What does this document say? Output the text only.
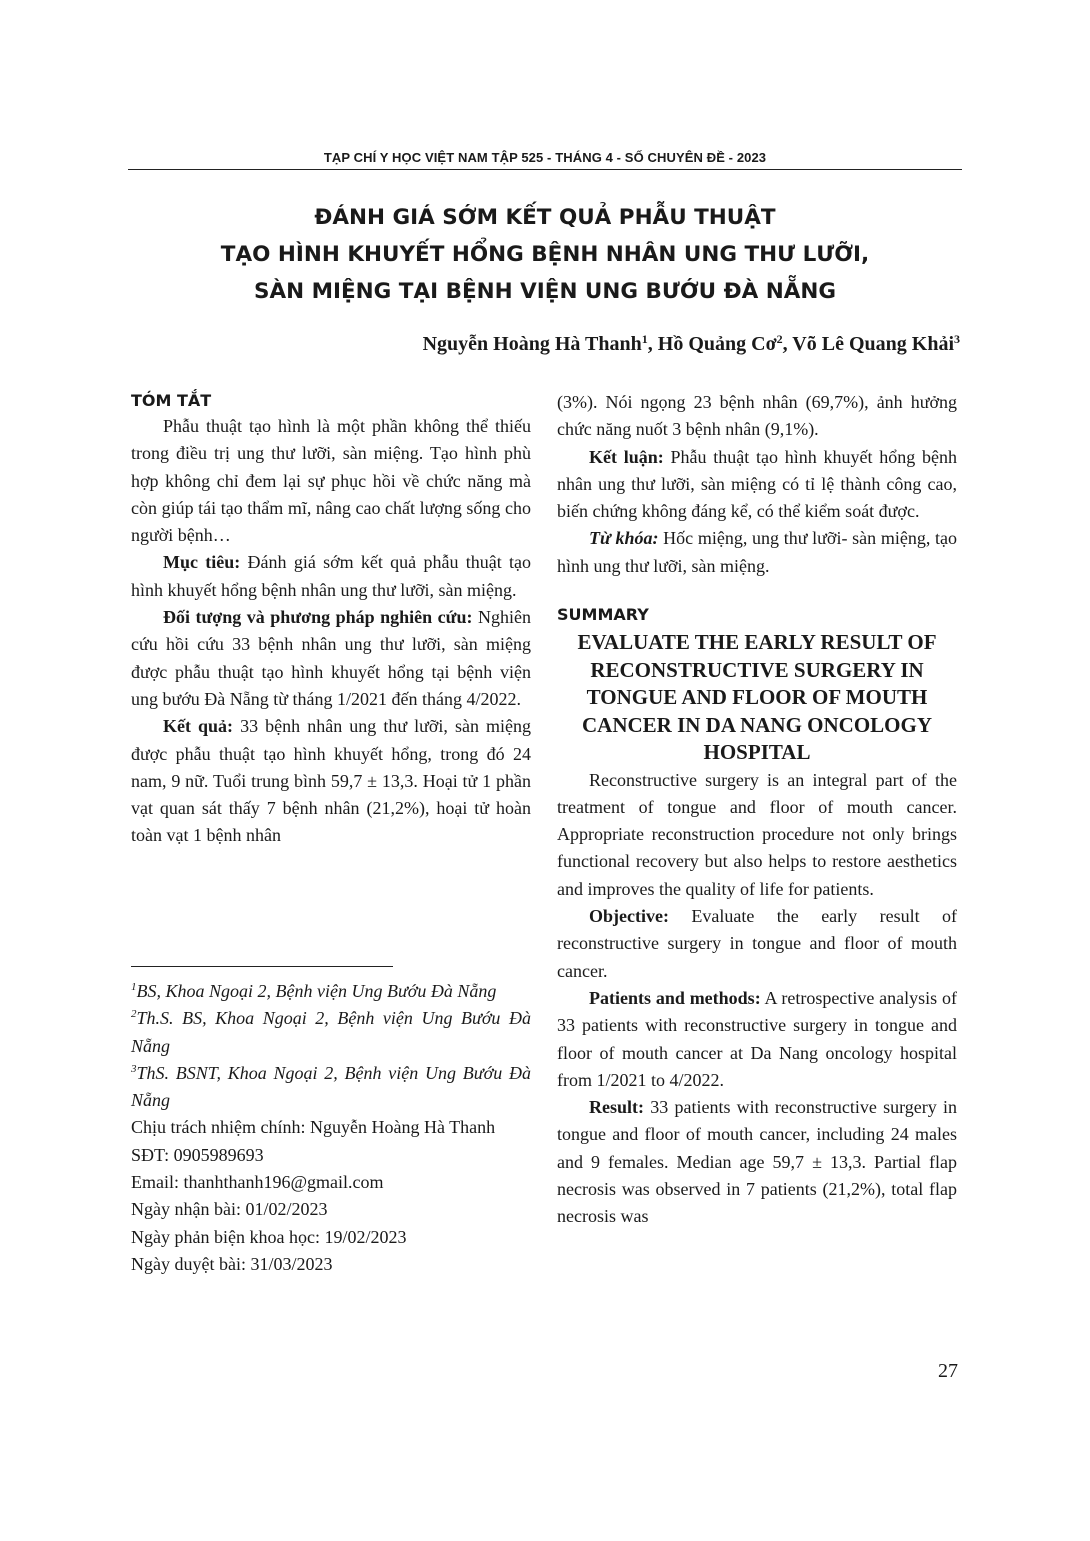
TẠP CHÍ Y HỌC VIỆT NAM TẬP 525 - THÁNG 4 - SỐ CHUYÊN ĐỀ - 2023
ĐÁNH GIÁ SỚM KẾT QUẢ PHẪU THUẬT
TẠO HÌNH KHUYẾT HỔNG BỆNH NHÂN UNG THƯ LƯỠI,
SÀN MIỆNG TẠI BỆNH VIỆN UNG BƯỚU ĐÀ NẴNG
Nguyễn Hoàng Hà Thanh$^1$, Hồ Quảng $Cơ^2$, Võ Lê Quang Khải$^3$
TÓM TẮT

Phẫu thuật tạo hình là một phần không thể thiếu trong điều trị ung thư lưỡi, sàn miệng. Tạo hình phù hợp không chỉ đem lại sự phục hồi về chức năng mà còn giúp tái tạo thẩm mĩ, nâng cao chất lượng sống cho người bệnh…

Mục tiêu: Đánh giá sớm kết quả phẫu thuật tạo hình khuyết hổng bệnh nhân ung thư lưỡi, sàn miệng.

Đối tượng và phương pháp nghiên cứu: Nghiên cứu hồi cứu 33 bệnh nhân ung thư lưỡi, sàn miệng được phẫu thuật tạo hình khuyết hổng tại bệnh viện ung bướu Đà Nẵng từ tháng 1/2021 đến tháng 4/2022.

Kết quả: 33 bệnh nhân ung thư lưỡi, sàn miệng được phẫu thuật tạo hình khuyết hổng, trong đó 24 nam, 9 nữ. Tuổi trung bình 59,7 ± 13,3. Hoại tử 1 phần vạt quan sát thấy 7 bệnh nhân (21,2%), hoại tử hoàn toàn vạt 1 bệnh nhân

$^1$BS, Khoa Ngoại 2, Bệnh viện Ung Bướu Đà Nẵng

$^2$Th.S. BS, Khoa Ngoại 2, Bệnh viện Ung Bướu Đà Nẵng

$^3$ThS. BSNT, Khoa Ngoại 2, Bệnh viện Ung Bướu Đà Nẵng

Chịu trách nhiệm chính: Nguyễn Hoàng Hà Thanh

SĐT: 0905989693

Email: thanhthanh196@gmail.com

Ngày nhận bài: 01/02/2023

Ngày phản biện khoa học: 19/02/2023

Ngày duyệt bài: 31/03/2023

(3%). Nói ngọng 23 bệnh nhân (69,7%), ảnh hưởng chức năng nuốt 3 bệnh nhân (9,1%).

Kết luận: Phẫu thuật tạo hình khuyết hổng bệnh nhân ung thư lưỡi, sàn miệng có tỉ lệ thành công cao, biến chứng không đáng kể, có thể kiểm soát được.

Từ khóa: Hốc miệng, ung thư lưỡi- sàn miệng, tạo hình ung thư lưỡi, sàn miệng.

SUMMARY

EVALUATE THE EARLY RESULT OF RECONSTRUCTIVE SURGERY IN TONGUE AND FLOOR OF MOUTH CANCER IN DA NANG ONCOLOGY HOSPITAL

Reconstructive surgery is an integral part of the treatment of tongue and floor of mouth cancer. Appropriate reconstruction procedure not only brings functional recovery but also helps to restore aesthetics and improves the quality of life for patients.

Objective: Evaluate the early result of reconstructive surgery in tongue and floor of mouth cancer.

Patients and methods: A retrospective analysis of 33 patients with reconstructive surgery in tongue and floor of mouth cancer at Da Nang oncology hospital from 1/2021 to 4/2022.

Result: 33 patients with reconstructive surgery in tongue and floor of mouth cancer, including 24 males and 9 females. Median age 59,7 ± 13,3. Partial flap necrosis was observed in 7 patients (21,2%), total flap necrosis was

27
